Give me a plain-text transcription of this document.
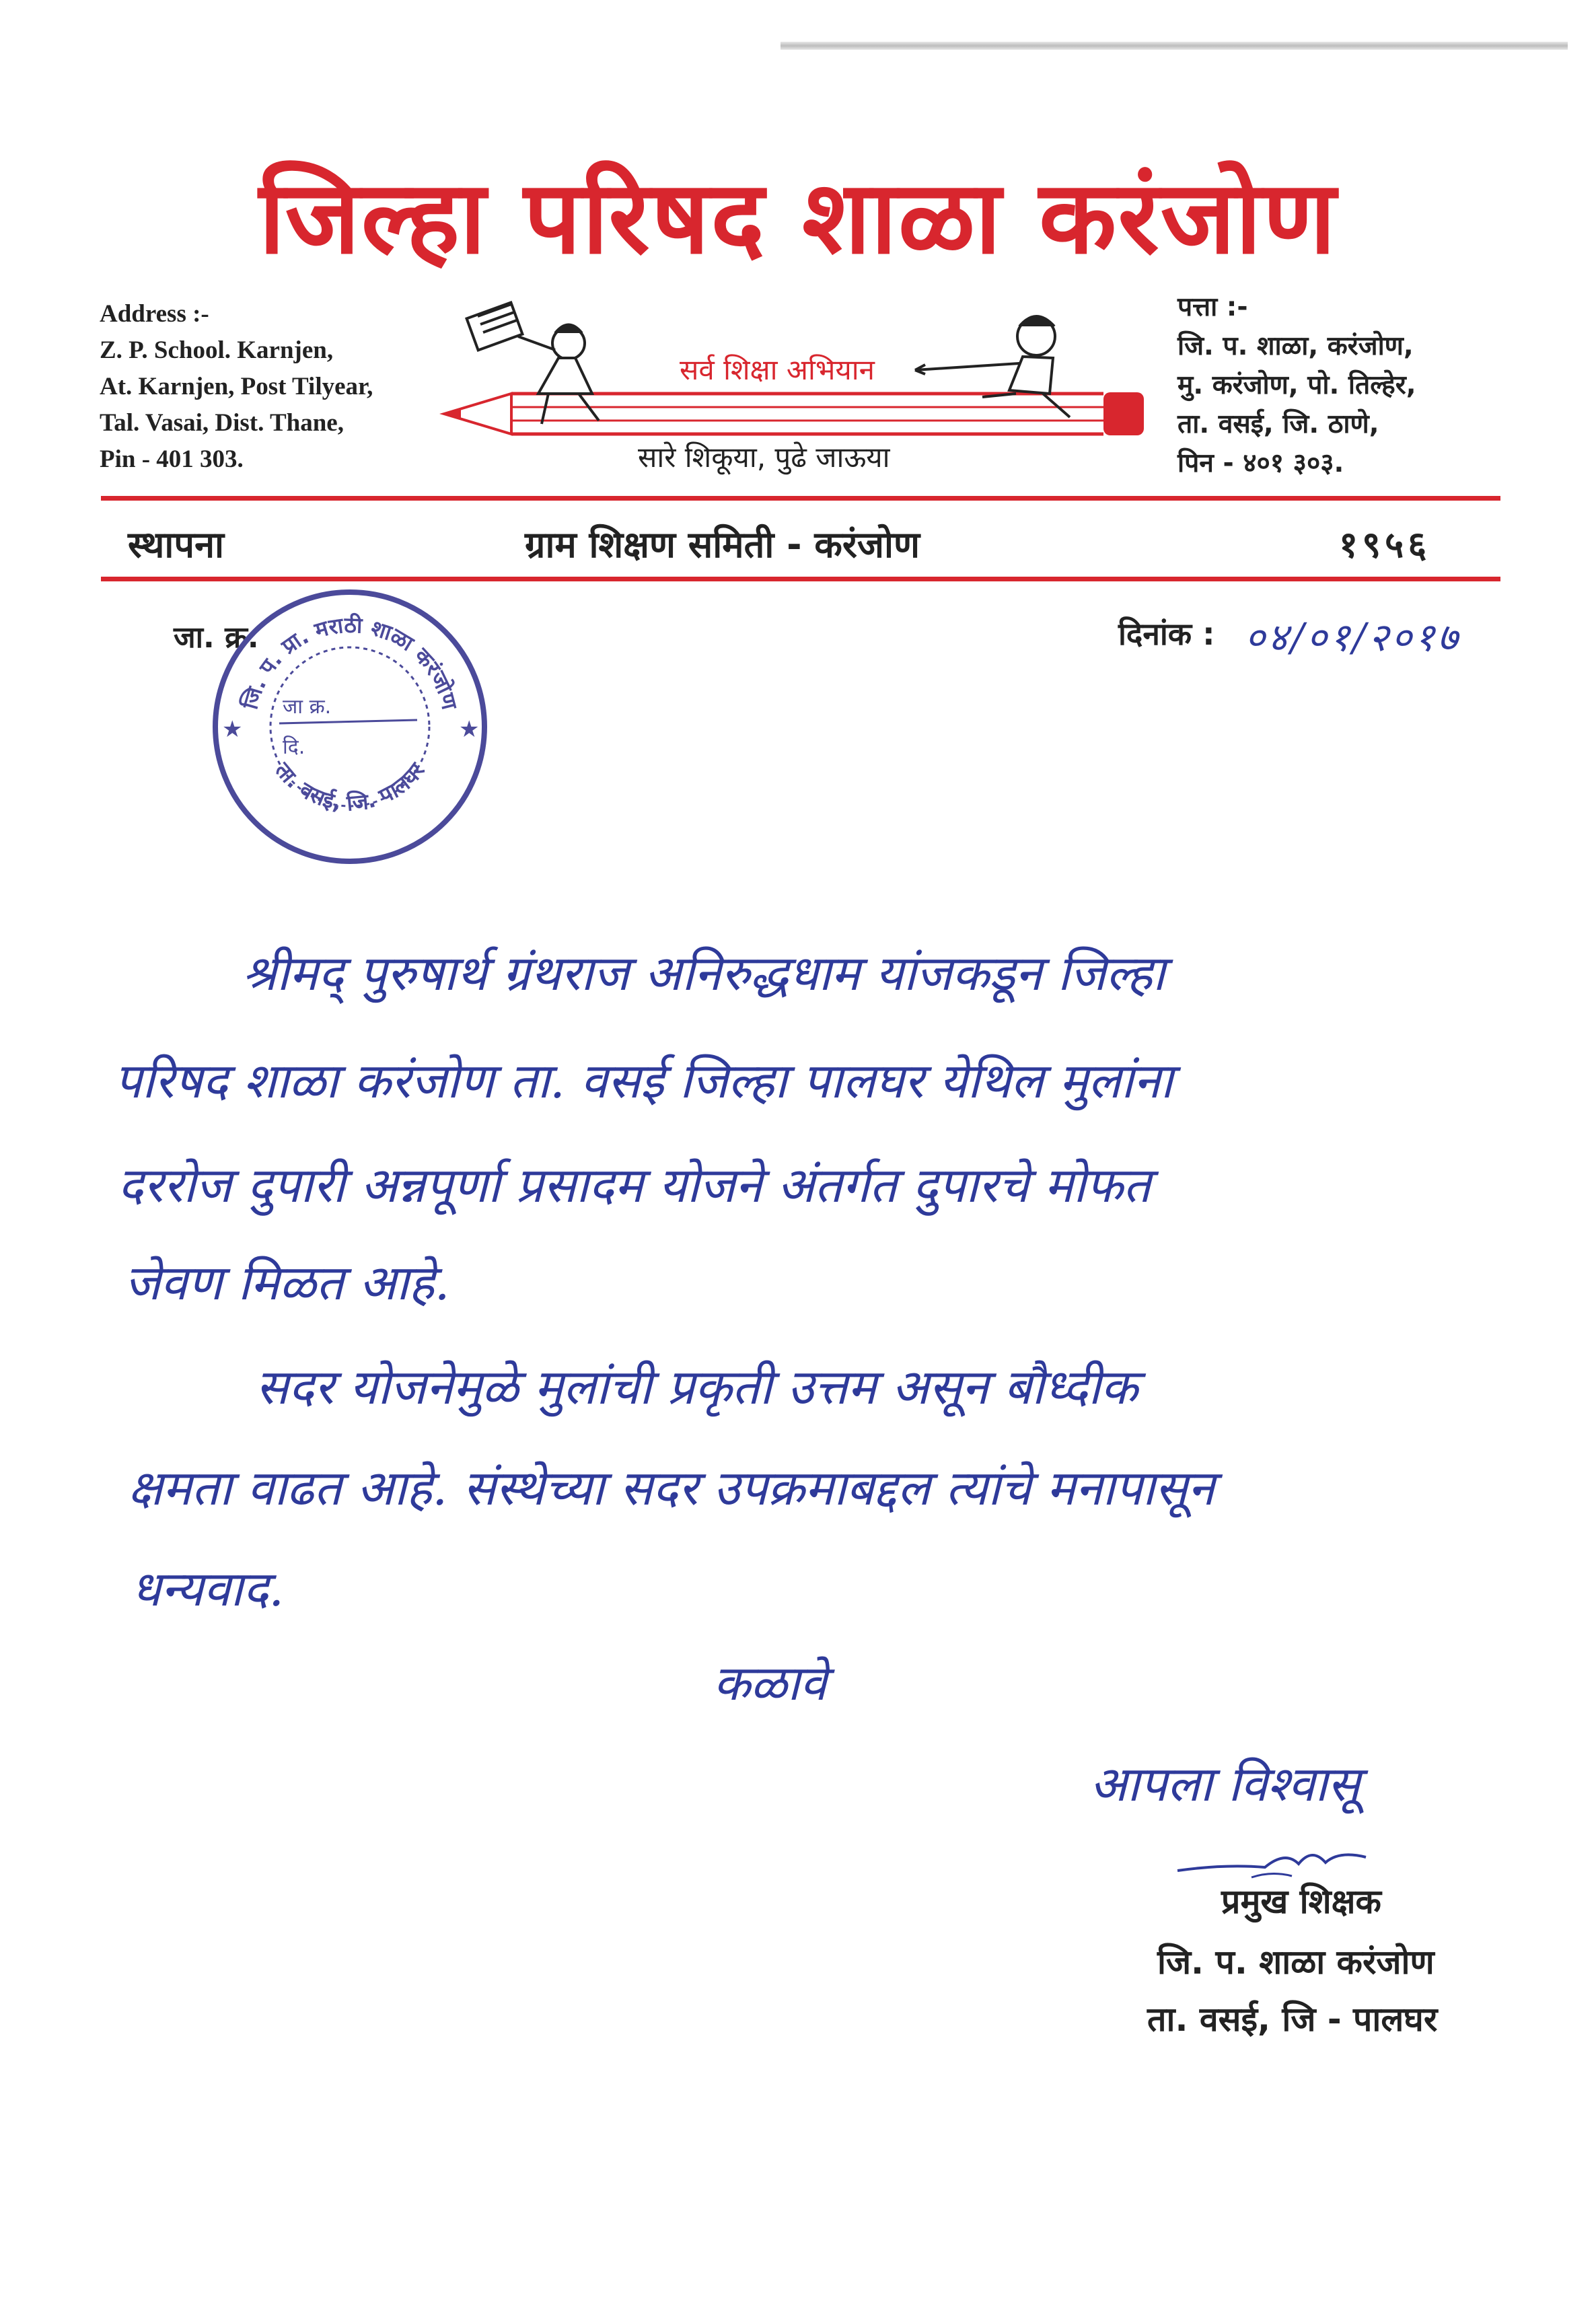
जिल्हा परिषद शाळा करंजोण
Address :-
Z. P. School. Karnjen,
At. Karnjen, Post Tilyear,
Tal. Vasai, Dist. Thane,
Pin - 401 303.
पत्ता :-
जि. प. शाळा, करंजोण,
मु. करंजोण, पो. तिल्हेर,
ता. वसई, जि. ठाणे,
पिन - ४०१ ३०३.
सर्व शिक्षा अभियान
सारे शिकूया, पुढे जाऊया
स्थापना	ग्राम शिक्षण समिती - करंजोण	१९५६
जा. क्र.	दिनांक : ०४/०१/२०१७
जि. प. प्रा. मराठी शाळा करंजोण
ता. वसई, जि. पालघर
★	★
जा क्र.
दि.
श्रीमद्‌ पुरुषार्थ ग्रंथराज अनिरुद्धधाम यांजकडून जिल्हा
परिषद शाळा करंजोण ता. वसई जिल्हा पालघर येथिल मुलांना
दररोज दुपारी अन्नपूर्णा प्रसादम योजने अंतर्गत दुपारचे मोफत
जेवण मिळत आहे.
सदर योजनेमुळे मुलांची प्रकृती उत्तम असून बौध्दीक
क्षमता वाढत आहे. संस्थेच्या सदर उपक्रमाबद्दल त्यांचे मनापासून
धन्यवाद.
कळावे
आपला विश्वासू
प्रमुख शिक्षक
जि. प. शाळा करंजोण
ता. वसई, जि - पालघर
